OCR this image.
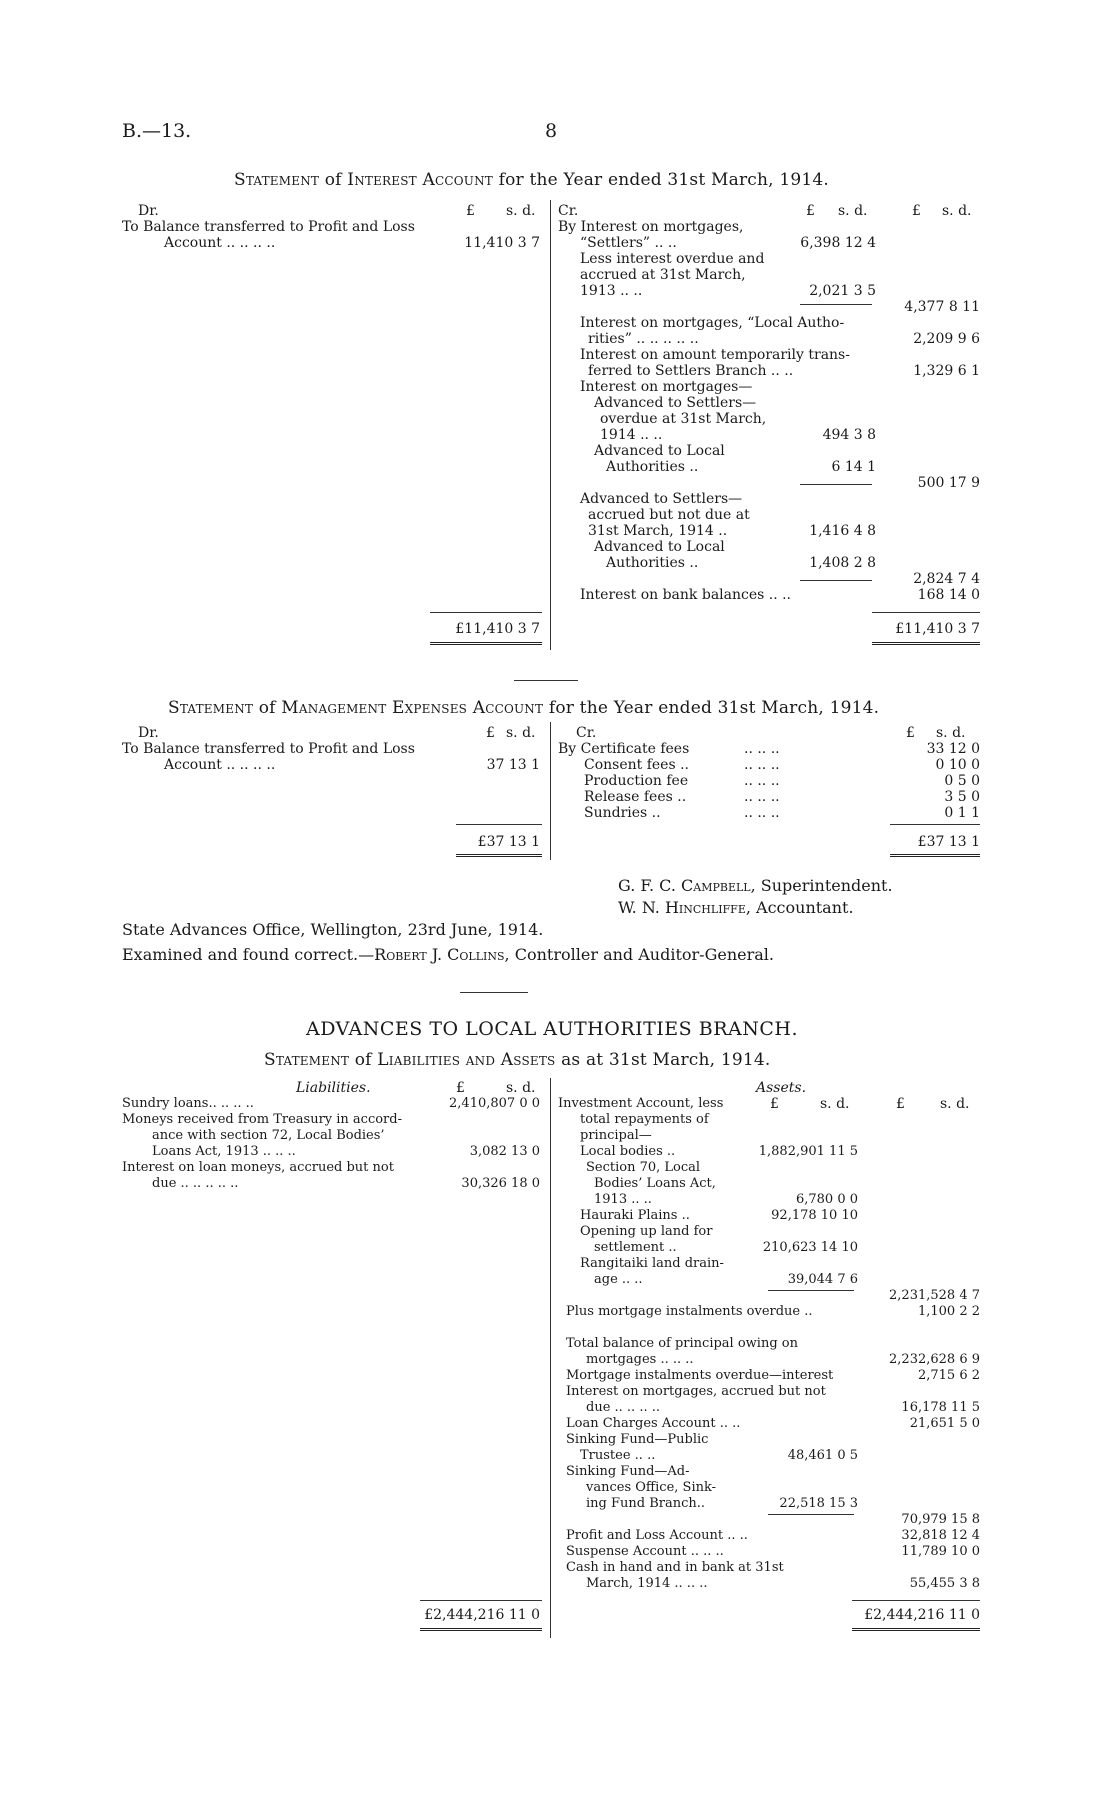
B.—13.	8
Statement of Interest Account for the Year ended 31st March, 1914.
Dr.	£ s. d.
To Balance transferred to Profit and Loss
Account .. .. .. ..	11,410 3 7
Cr.	£ s. d.	£ s. d.
By Interest on mortgages,
“Settlers” .. ..	6,398 12 4
Less interest overdue and
accrued at 31st March,
1913 .. ..	2,021 3 5
4,377 8 11
Interest on mortgages, “Local Autho-
rities” .. .. .. .. ..	2,209 9 6
Interest on amount temporarily trans-
ferred to Settlers Branch .. ..	1,329 6 1
Interest on mortgages—
Advanced to Settlers—
overdue at 31st March,
1914 .. ..	494 3 8
Advanced to Local
Authorities ..	6 14 1
500 17 9
Advanced to Settlers—
accrued but not due at
31st March, 1914 ..	1,416 4 8
Advanced to Local
Authorities ..	1,408 2 8
2,824 7 4
Interest on bank balances .. ..	168 14 0
£11,410 3 7	£11,410 3 7
Statement of Management Expenses Account for the Year ended 31st March, 1914.
Dr.	£ s. d.
To Balance transferred to Profit and Loss
Account .. .. .. ..	37 13 1
Cr.	£ s. d.
By Certificate fees	.. .. ..	33 12 0
Consent fees ..	.. .. ..	0 10 0
Production fee	.. .. ..	0 5 0
Release fees ..	.. .. ..	3 5 0
Sundries ..	.. .. ..	0 1 1
£37 13 1	£37 13 1
G. F. C. Campbell, Superintendent.
W. N. Hinchliffe, Accountant.
State Advances Office, Wellington, 23rd June, 1914.
Examined and found correct.—Robert J. Collins, Controller and Auditor-General.
ADVANCES TO LOCAL AUTHORITIES BRANCH.
Statement of Liabilities and Assets as at 31st March, 1914.
Liabilities.	£	s. d.
Sundry loans.. .. .. ..	2,410,807 0 0
Moneys received from Treasury in accord-
ance with section 72, Local Bodies’
Loans Act, 1913 .. .. ..	3,082 13 0
Interest on loan moneys, accrued but not
due .. .. .. .. ..	30,326 18 0
Assets.
£	s. d.	£	s. d.
Investment Account, less
total repayments of
principal—
Local bodies ..	1,882,901 11 5
Section 70, Local
Bodies’ Loans Act,
1913 .. ..	6,780 0 0
Hauraki Plains ..	92,178 10 10
Opening up land for
settlement ..	210,623 14 10
Rangitaiki land drain-
age .. ..	39,044 7 6
2,231,528 4 7
Plus mortgage instalments overdue ..	1,100 2 2
Total balance of principal owing on
mortgages .. .. ..	2,232,628 6 9
Mortgage instalments overdue—interest	2,715 6 2
Interest on mortgages, accrued but not
due .. .. .. ..	16,178 11 5
Loan Charges Account .. ..	21,651 5 0
Sinking Fund—Public
Trustee .. ..	48,461 0 5
Sinking Fund—Ad-
vances Office, Sink-
ing Fund Branch..	22,518 15 3
70,979 15 8
Profit and Loss Account .. ..	32,818 12 4
Suspense Account .. .. ..	11,789 10 0
Cash in hand and in bank at 31st
March, 1914 .. .. ..	55,455 3 8
£2,444,216 11 0	£2,444,216 11 0
